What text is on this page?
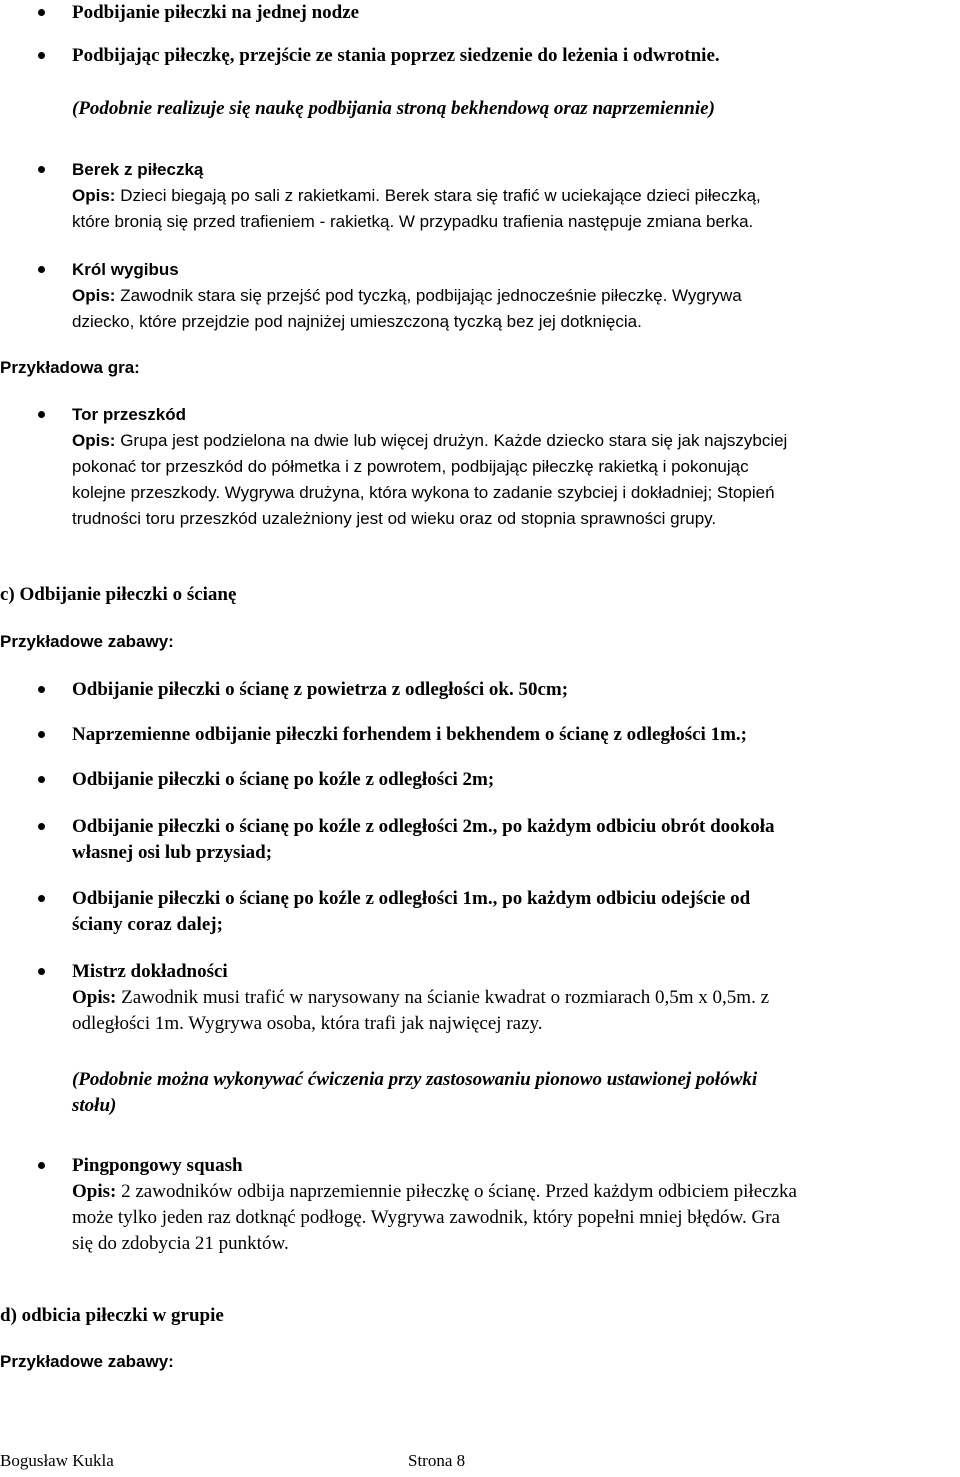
Podbijanie piłeczki na jednej nodze

Podbijając piłeczkę, przejście ze stania poprzez siedzenie do leżenia i odwrotnie.

(Podobnie realizuje się naukę podbijania stroną bekhendową oraz naprzemiennie)

Berek z piłeczką

Opis: Dzieci biegają po sali z rakietkami. Berek stara się trafić w uciekające dzieci piłeczką,

które bronią się przed trafieniem - rakietką. W przypadku trafienia następuje zmiana berka.

Król wygibus

Opis: Zawodnik stara się przejść pod tyczką, podbijając jednocześnie piłeczkę. Wygrywa

dziecko, które przejdzie pod najniżej umieszczoną tyczką bez jej dotknięcia.

Przykładowa gra:

Tor przeszkód

Opis: Grupa jest podzielona na dwie lub więcej drużyn. Każde dziecko stara się jak najszybciej

pokonać tor przeszkód do półmetka i z powrotem, podbijając piłeczkę rakietką i pokonując

kolejne przeszkody. Wygrywa drużyna, która wykona to zadanie szybciej i dokładniej; Stopień

trudności toru przeszkód uzależniony jest od wieku oraz od stopnia sprawności grupy.

c) Odbijanie piłeczki o ścianę
Przykładowe zabawy:

Odbijanie piłeczki o ścianę z powietrza z odległości ok. 50cm;

Naprzemienne odbijanie piłeczki forhendem i bekhendem o ścianę z odległości 1m.;

Odbijanie piłeczki o ścianę po koźle z odległości 2m;

Odbijanie piłeczki o ścianę po koźle z odległości 2m., po każdym odbiciu obrót dookoła

własnej osi lub przysiad;

Odbijanie piłeczki o ścianę po koźle z odległości 1m., po każdym odbiciu odejście od

ściany coraz dalej;

Mistrz dokładności

Opis: Zawodnik musi trafić w narysowany na ścianie kwadrat o rozmiarach 0,5m x 0,5m. z

odległości 1m. Wygrywa osoba, która trafi jak najwięcej razy.

(Podobnie można wykonywać ćwiczenia przy zastosowaniu pionowo ustawionej połówki

stołu)

Pingpongowy squash

Opis: 2 zawodników odbija naprzemiennie piłeczkę o ścianę. Przed każdym odbiciem piłeczka

może tylko jeden raz dotknąć podłogę. Wygrywa zawodnik, który popełni mniej błędów. Gra

się do zdobycia 21 punktów.

d) odbicia piłeczki w grupie
Przykładowe zabawy:
Bogusław Kukla	Strona 8
